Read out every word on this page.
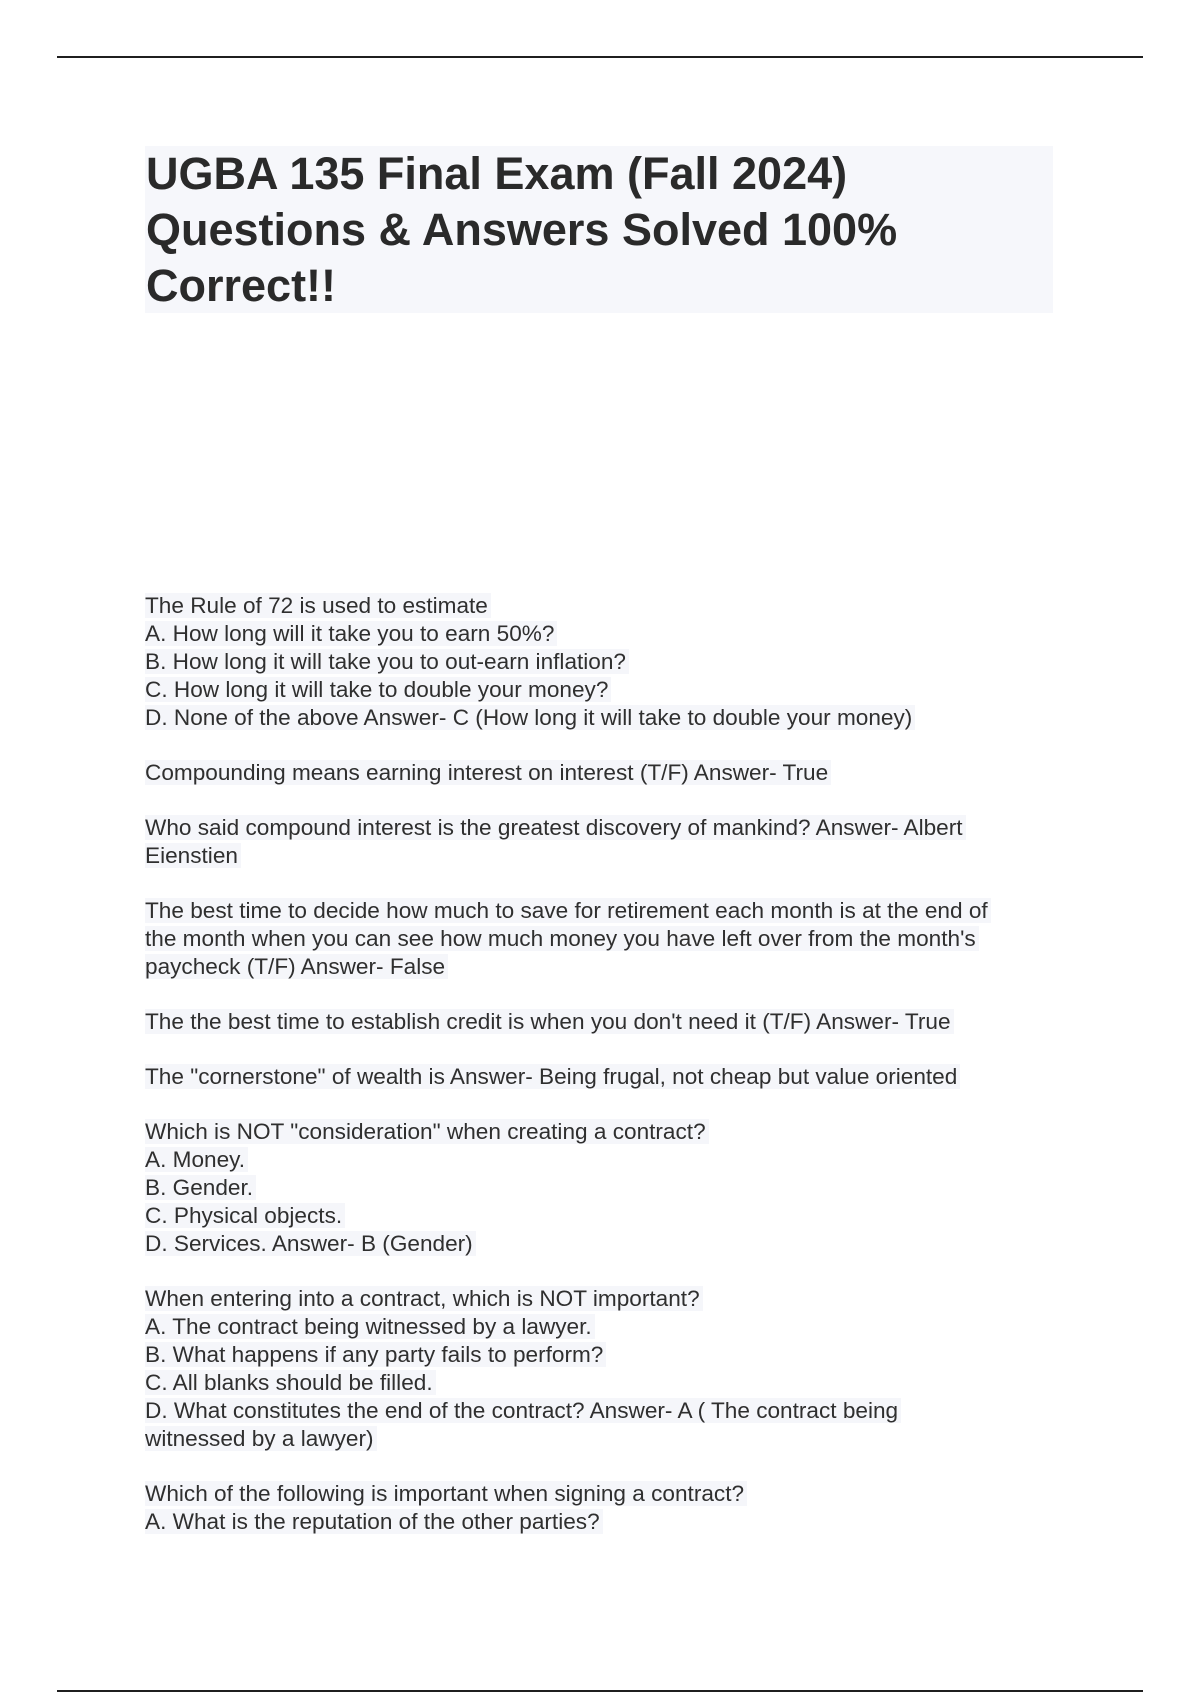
UGBA 135 Final Exam (Fall 2024)
Questions & Answers Solved 100%
Correct!!
The Rule of 72 is used to estimate
A. How long will it take you to earn 50%?
B. How long it will take you to out-earn inflation?
C. How long it will take to double your money?
D. None of the above Answer- C (How long it will take to double your money)
Compounding means earning interest on interest (T/F) Answer- True
Who said compound interest is the greatest discovery of mankind? Answer- Albert
Eienstien
The best time to decide how much to save for retirement each month is at the end of
the month when you can see how much money you have left over from the month's
paycheck (T/F) Answer- False
The the best time to establish credit is when you don't need it (T/F) Answer- True
The "cornerstone" of wealth is Answer- Being frugal, not cheap but value oriented
Which is NOT "consideration" when creating a contract?
A. Money.
B. Gender.
C. Physical objects.
D. Services. Answer- B (Gender)
When entering into a contract, which is NOT important?
A. The contract being witnessed by a lawyer.
B. What happens if any party fails to perform?
C. All blanks should be filled.
D. What constitutes the end of the contract? Answer- A ( The contract being
witnessed by a lawyer)
Which of the following is important when signing a contract?
A. What is the reputation of the other parties?
